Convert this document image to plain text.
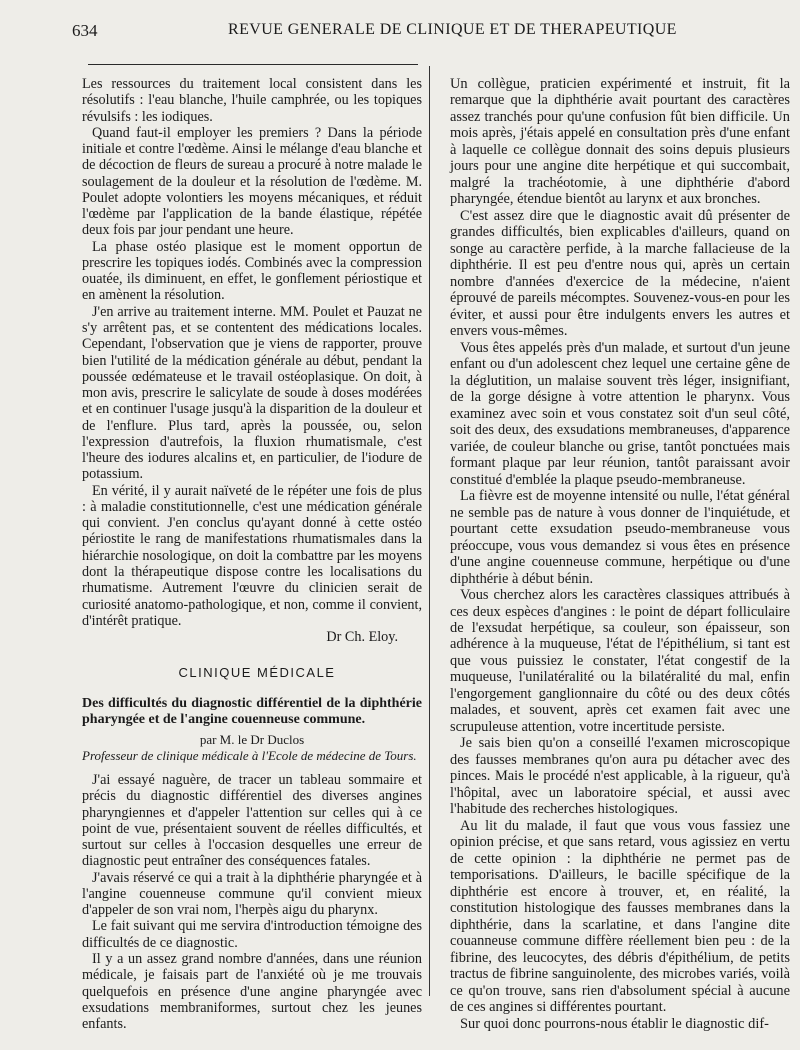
634	REVUE GENERALE DE CLINIQUE ET DE THERAPEUTIQUE

Les ressources du traitement local consistent dans les résolutifs : l'eau blanche, l'huile camphrée, ou les topiques révulsifs : les iodiques.

Quand faut-il employer les premiers ? Dans la période initiale et contre l'œdème. Ainsi le mélange d'eau blanche et de décoction de fleurs de sureau a procuré à notre malade le soulagement de la douleur et la résolution de l'œdème. M. Poulet adopte volontiers les moyens mécaniques, et réduit l'œdème par l'application de la bande élastique, répétée deux fois par jour pendant une heure.

La phase ostéo plasique est le moment opportun de prescrire les topiques iodés. Combinés avec la compression ouatée, ils diminuent, en effet, le gonflement périostique et en amènent la résolution.

J'en arrive au traitement interne. MM. Poulet et Pauzat ne s'y arrêtent pas, et se contentent des médications locales. Cependant, l'observation que je viens de rapporter, prouve bien l'utilité de la médication générale au début, pendant la poussée œdémateuse et le travail ostéoplasique. On doit, à mon avis, prescrire le salicylate de soude à doses modérées et en continuer l'usage jusqu'à la disparition de la douleur et de l'enflure. Plus tard, après la poussée, ou, selon l'expression d'autrefois, la fluxion rhumatismale, c'est l'heure des iodures alcalins et, en particulier, de l'iodure de potassium.

En vérité, il y aurait naïveté de le répéter une fois de plus : à maladie constitutionnelle, c'est une médication générale qui convient. J'en conclus qu'ayant donné à cette ostéo périostite le rang de manifestations rhumatismales dans la hiérarchie nosologique, on doit la combattre par les moyens dont la thérapeutique dispose contre les localisations du rhumatisme. Autrement l'œuvre du clinicien serait de curiosité anatomo-pathologique, et non, comme il convient, d'intérêt pratique.

Dr Ch. Eloy.

CLINIQUE MÉDICALE

Des difficultés du diagnostic différentiel de la diphthérie pharyngée et de l'angine couenneuse commune.

par M. le Dr Duclos

Professeur de clinique médicale à l'Ecole de médecine de Tours.

J'ai essayé naguère, de tracer un tableau sommaire et précis du diagnostic différentiel des diverses angines pharyngiennes et d'appeler l'attention sur celles qui à ce point de vue, présentaient souvent de réelles difficultés, et surtout sur celles à l'occasion desquelles une erreur de diagnostic peut entraîner des conséquences fatales.

J'avais réservé ce qui a trait à la diphthérie pharyngée et à l'angine couenneuse commune qu'il convient mieux d'appeler de son vrai nom, l'herpès aigu du pharynx.

Le fait suivant qui me servira d'introduction témoigne des difficultés de ce diagnostic.

Il y a un assez grand nombre d'années, dans une réunion médicale, je faisais part de l'anxiété où je me trouvais quelquefois en présence d'une angine pharyngée avec exsudations membraniformes, surtout chez les jeunes enfants.

Un collègue, praticien expérimenté et instruit, fit la remarque que la diphthérie avait pourtant des caractères assez tranchés pour qu'une confusion fût bien difficile. Un mois après, j'étais appelé en consultation près d'une enfant à laquelle ce collègue donnait des soins depuis plusieurs jours pour une angine dite herpétique et qui succombait, malgré la trachéotomie, à une diphthérie d'abord pharyngée, étendue bientôt au larynx et aux bronches.

C'est assez dire que le diagnostic avait dû présenter de grandes difficultés, bien explicables d'ailleurs, quand on songe au caractère perfide, à la marche fallacieuse de la diphthérie. Il est peu d'entre nous qui, après un certain nombre d'années d'exercice de la médecine, n'aient éprouvé de pareils mécomptes. Souvenez-vous-en pour les éviter, et aussi pour être indulgents envers les autres et envers vous-mêmes.

Vous êtes appelés près d'un malade, et surtout d'un jeune enfant ou d'un adolescent chez lequel une certaine gêne de la déglutition, un malaise souvent très léger, insignifiant, de la gorge désigne à votre attention le pharynx. Vous examinez avec soin et vous constatez soit d'un seul côté, soit des deux, des exsudations membraneuses, d'apparence variée, de couleur blanche ou grise, tantôt ponctuées mais formant plaque par leur réunion, tantôt paraissant avoir constitué d'emblée la plaque pseudo-membraneuse.

La fièvre est de moyenne intensité ou nulle, l'état général ne semble pas de nature à vous donner de l'inquiétude, et pourtant cette exsudation pseudo-membraneuse vous préoccupe, vous vous demandez si vous êtes en présence d'une angine couenneuse commune, herpétique ou d'une diphthérie à début bénin.

Vous cherchez alors les caractères classiques attribués à ces deux espèces d'angines : le point de départ folliculaire de l'exsudat herpétique, sa couleur, son épaisseur, son adhérence à la muqueuse, l'état de l'épithélium, si tant est que vous puissiez le constater, l'état congestif de la muqueuse, l'unilatéralité ou la bilatéralité du mal, enfin l'engorgement ganglionnaire du côté ou des deux côtés malades, et souvent, après cet examen fait avec une scrupuleuse attention, votre incertitude persiste.

Je sais bien qu'on a conseillé l'examen microscopique des fausses membranes qu'on aura pu détacher avec des pinces. Mais le procédé n'est applicable, à la rigueur, qu'à l'hôpital, avec un laboratoire spécial, et aussi avec l'habitude des recherches histologiques.

Au lit du malade, il faut que vous vous fassiez une opinion précise, et que sans retard, vous agissiez en vertu de cette opinion : la diphthérie ne permet pas de temporisations. D'ailleurs, le bacille spécifique de la diphthérie est encore à trouver, et, en réalité, la constitution histologique des fausses membranes dans la diphthérie, dans la scarlatine, et dans l'angine dite couanneuse commune diffère réellement bien peu : de la fibrine, des leucocytes, des débris d'épithélium, de petits tractus de fibrine sanguinolente, des microbes variés, voilà ce qu'on trouve, sans rien d'absolument spécial à aucune de ces angines si différentes pourtant.

Sur quoi donc pourrons-nous établir le diagnostic dif-
